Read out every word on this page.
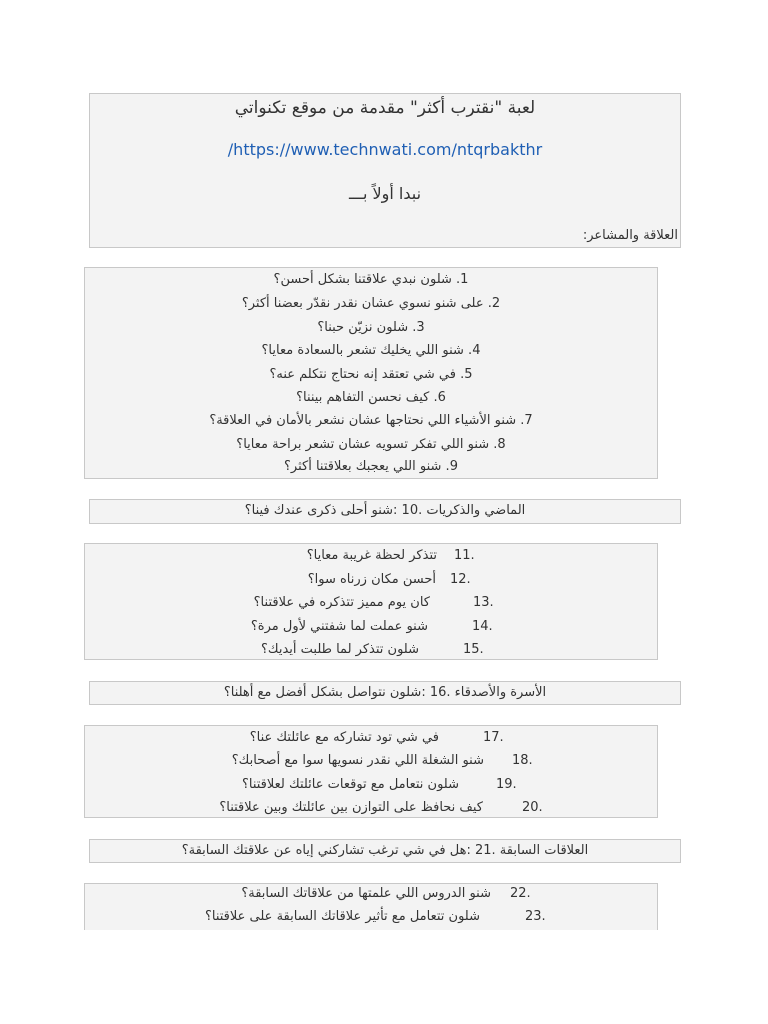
لعبة "نقترب أكثر" مقدمة من موقع تكنواتي
/https://www.technwati.com/ntqrbakthr
نبدا أولاً بـــ
العلاقة والمشاعر:
1. شلون نبدي علاقتنا بشكل أحسن؟
2. على شنو نسوي عشان نقدر نقدّر بعضنا أكثر؟
3. شلون نزيّن حبنا؟
4. شنو اللي يخليك تشعر بالسعادة معايا؟
5. في شي تعتقد إنه نحتاج نتكلم عنه؟
6. كيف نحسن التفاهم بيننا؟
7. شنو الأشياء اللي نحتاجها عشان نشعر بالأمان في العلاقة؟
8. شنو اللي تفكر تسويه عشان تشعر براحة معايا؟
9. شنو اللي يعجبك بعلاقتنا أكثر؟
الماضي والذكريات .10 :شنو أحلى ذكرى عندك فينا؟
تتذكر لحظة غريبة معايا؟ 11.
أحسن مكان زرناه سوا؟ 12.
كان يوم مميز تتذكره في علاقتنا؟	13.
شنو عملت لما شفتني لأول مرة؟	14.
شلون تتذكر لما طلبت أيديك؟	15.
الأسرة والأصدقاء .16 :شلون نتواصل بشكل أفضل مع أهلنا؟
في شي تود تشاركه مع عائلتك عنا؟	17.
شنو الشغلة اللي نقدر نسويها سوا مع أصحابك؟ 18.
شلون نتعامل مع توقعات عائلتك لعلاقتنا؟	19.
كيف نحافظ على التوازن بين عائلتك وبين علاقتنا؟	20.
العلاقات السابقة .21 :هل في شي ترغب تشاركني إياه عن علاقتك السابقة؟
شنو الدروس اللي علمتها من علاقاتك السابقة؟ 22.
شلون تتعامل مع تأثير علاقاتك السابقة على علاقتنا؟	23.
